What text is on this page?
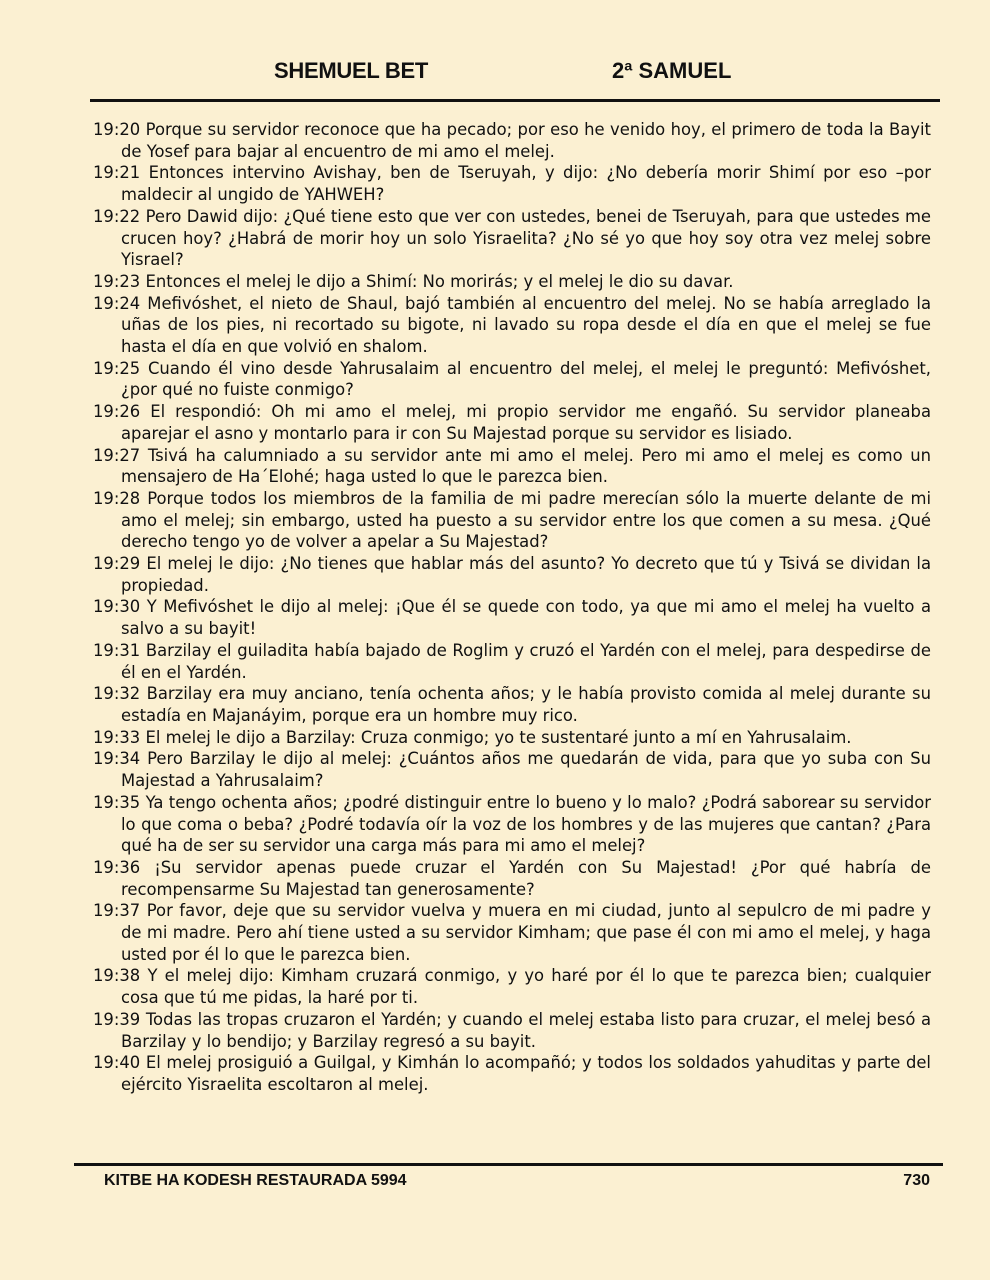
SHEMUEL BET	2ª SAMUEL
19:20 Porque su servidor reconoce que ha pecado; por eso he venido hoy, el primero de toda la Bayit de Yosef para bajar al encuentro de mi amo el melej.
19:21 Entonces intervino Avishay, ben de Tseruyah, y dijo: ¿No debería morir Shimí por eso –por maldecir al ungido de YAHWEH?
19:22 Pero Dawid dijo: ¿Qué tiene esto que ver con ustedes, benei de Tseruyah, para que ustedes me crucen hoy? ¿Habrá de morir hoy un solo Yisraelita? ¿No sé yo que hoy soy otra vez melej sobre Yisrael?
19:23 Entonces el melej le dijo a Shimí: No morirás; y el melej le dio su davar.
19:24 Mefivóshet, el nieto de Shaul, bajó también al encuentro del melej. No se había arreglado la uñas de los pies, ni recortado su bigote, ni lavado su ropa desde el día en que el melej se fue hasta el día en que volvió en shalom.
19:25 Cuando él vino desde Yahrusalaim al encuentro del melej, el melej le preguntó: Mefivóshet, ¿por qué no fuiste conmigo?
19:26 El respondió: Oh mi amo el melej, mi propio servidor me engañó. Su servidor planeaba aparejar el asno y montarlo para ir con Su Majestad porque su servidor es lisiado.
19:27 Tsivá ha calumniado a su servidor ante mi amo el melej. Pero mi amo el melej es como un mensajero de Ha´Elohé; haga usted lo que le parezca bien.
19:28 Porque todos los miembros de la familia de mi padre merecían sólo la muerte delante de mi amo el melej; sin embargo, usted ha puesto a su servidor entre los que comen a su mesa. ¿Qué derecho tengo yo de volver a apelar a Su Majestad?
19:29 El melej le dijo: ¿No tienes que hablar más del asunto? Yo decreto que tú y Tsivá se dividan la propiedad.
19:30 Y Mefivóshet le dijo al melej: ¡Que él se quede con todo, ya que mi amo el melej ha vuelto a salvo a su bayit!
19:31 Barzilay el guiladita había bajado de Roglim y cruzó el Yardén con el melej, para despedirse de él en el Yardén.
19:32 Barzilay era muy anciano, tenía ochenta años; y le había provisto comida al melej durante su estadía en Majanáyim, porque era un hombre muy rico.
19:33 El melej le dijo a Barzilay: Cruza conmigo; yo te sustentaré junto a mí en Yahrusalaim.
19:34 Pero Barzilay le dijo al melej: ¿Cuántos años me quedarán de vida, para que yo suba con Su Majestad a Yahrusalaim?
19:35 Ya tengo ochenta años; ¿podré distinguir entre lo bueno y lo malo? ¿Podrá saborear su servidor lo que coma o beba? ¿Podré todavía oír la voz de los hombres y de las mujeres que cantan? ¿Para qué ha de ser su servidor una carga más para mi amo el melej?
19:36 ¡Su servidor apenas puede cruzar el Yardén con Su Majestad! ¿Por qué habría de recompensarme Su Majestad tan generosamente?
19:37 Por favor, deje que su servidor vuelva y muera en mi ciudad, junto al sepulcro de mi padre y de mi madre. Pero ahí tiene usted a su servidor Kimham; que pase él con mi amo el melej, y haga usted por él lo que le parezca bien.
19:38 Y el melej dijo: Kimham cruzará conmigo, y yo haré por él lo que te parezca bien; cualquier cosa que tú me pidas, la haré por ti.
19:39 Todas las tropas cruzaron el Yardén; y cuando el melej estaba listo para cruzar, el melej besó a Barzilay y lo bendijo; y Barzilay regresó a su bayit.
19:40 El melej prosiguió a Guilgal, y Kimhán lo acompañó; y todos los soldados yahuditas y parte del ejército Yisraelita escoltaron al melej.
KITBE HA KODESH RESTAURADA 5994	730
